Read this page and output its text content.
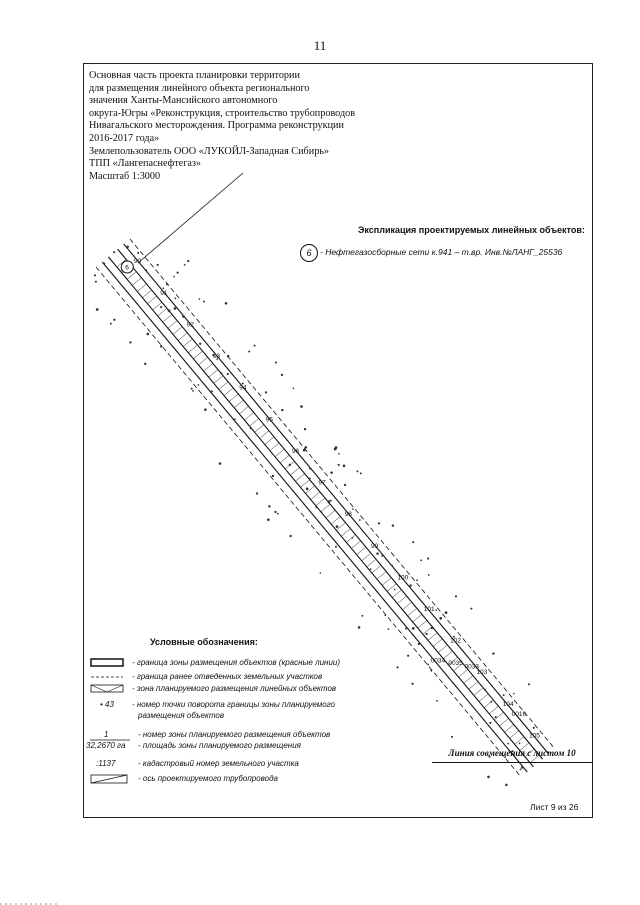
11
90
91
92
93
94
95
96
97
98
99
100
101
102
103
104
105
0034 0035
0033
0016
6
Основная часть проекта планировки территории
для размещения линейного объекта регионального
значения Ханты-Мансийского автономного
округа-Югры «Реконструкция, строительство трубопроводов
Нивагальского месторождения. Программа реконструкции
2016-2017 года»
Землепользователь ООО «ЛУКОЙЛ-Западная Сибирь»
ТПП «Лангепаснефтегаз»
Масштаб 1:3000
Экспликация проектируемых линейных объектов:
6	- Нефтегазосборные сети к.941 – т.вр. Инв.№ЛАНГ_25536
Условные обозначения:
- граница зоны размещения объектов (красные линии)
- граница ранее отведенных земельных участков
- зона планируемого размещения линейных объектов
• 43 - номер точки поворота границы зоны планируемого
размещения объектов
1
32,2670 га
- номер зоны планируемого размещения объектов
- площадь зоны планируемого размещения
:1137	- кадастровый номер земельного участка
- ось проектируемого трубопровода
Линия совмещения с листом 10
Лист 9 из 26
